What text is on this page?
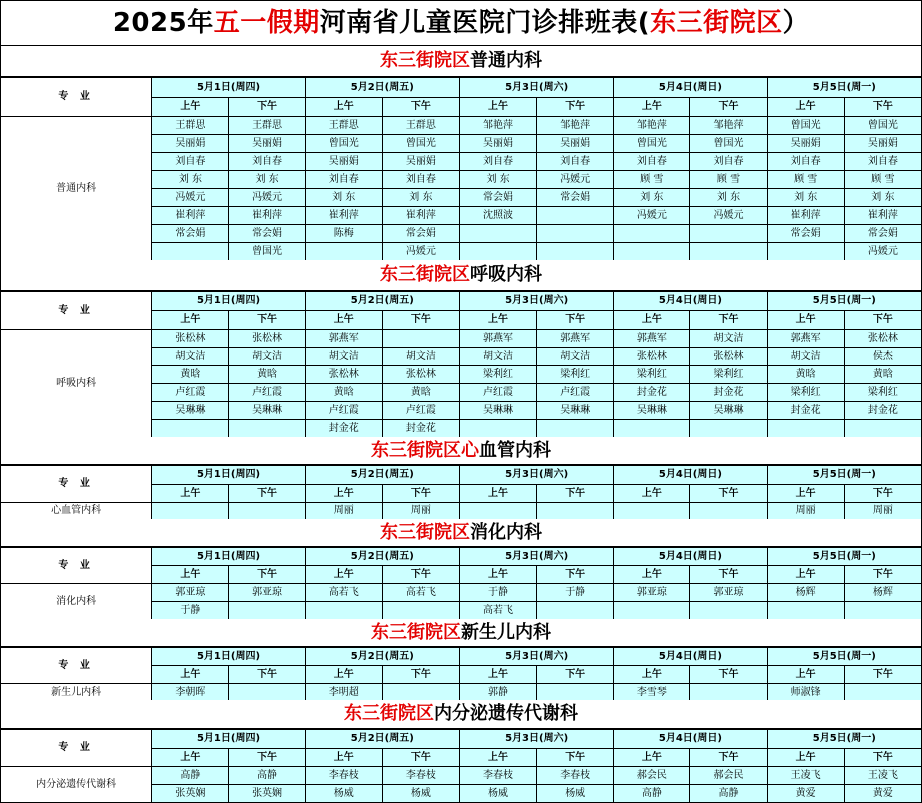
2025年五一假期河南省儿童医院门诊排班表(东三街院区）
东三街院区普通内科
专 业	5月1日(周四)		5月2日(周五)		5月3日(周六)		5月4日(周日)		5月5日(周一)	
	上午	下午	上午	下午	上午	下午	上午	下午	上午	下午
普通内科	王群思	王群思	王群思	王群思	邹艳萍	邹艳萍	邹艳萍	邹艳萍	曾国光	曾国光
	吴丽娟	吴丽娟	曾国光	曾国光	吴丽娟	吴丽娟	曾国光	曾国光	吴丽娟	吴丽娟
	刘自春	刘自春	吴丽娟	吴丽娟	刘自春	刘自春	刘自春	刘自春	刘自春	刘自春
	刘 东	刘 东	刘自春	刘自春	刘 东	冯媛元	顾 雪	顾 雪	顾 雪	顾 雪
	冯媛元	冯媛元	刘 东	刘 东	常会娟	常会娟	刘 东	刘 东	刘 东	刘 东
	崔利萍	崔利萍	崔利萍	崔利萍	沈照波		冯媛元	冯媛元	崔利萍	崔利萍
	常会娟	常会娟	陈梅	常会娟					常会娟	常会娟
		曾国光		冯媛元						冯媛元
东三街院区呼吸内科
专 业	5月1日(周四)		5月2日(周五)		5月3日(周六)		5月4日(周日)		5月5日(周一)	
	上午	下午	上午	下午	上午	下午	上午	下午	上午	下午
呼吸内科	张松林	张松林	郭燕军		郭燕军	郭燕军	郭燕军	胡文洁	郭燕军	张松林
	胡文洁	胡文洁	胡文洁	胡文洁	胡文洁	胡文洁	张松林	张松林	胡文洁	侯杰
	黄晗	黄晗	张松林	张松林	梁利红	梁利红	梁利红	梁利红	黄晗	黄晗
	卢红霞	卢红霞	黄晗	黄晗	卢红霞	卢红霞	封金花	封金花	梁利红	梁利红
	吴琳琳	吴琳琳	卢红霞	卢红霞	吴琳琳	吴琳琳	吴琳琳	吴琳琳	封金花	封金花
			封金花	封金花						
东三街院区心血管内科
专 业	5月1日(周四)		5月2日(周五)		5月3日(周六)		5月4日(周日)		5月5日(周一)	
	上午	下午	上午	下午	上午	下午	上午	下午	上午	下午
心血管内科			周丽	周丽					周丽	周丽
东三街院区消化内科
专 业	5月1日(周四)		5月2日(周五)		5月3日(周六)		5月4日(周日)		5月5日(周一)	
	上午	下午	上午	下午	上午	下午	上午	下午	上午	下午
消化内科	郭亚琼	郭亚琼	高若飞	高若飞	于静	于静	郭亚琼	郭亚琼	杨辉	杨辉
	于静				高若飞					
东三街院区新生儿内科
专 业	5月1日(周四)		5月2日(周五)		5月3日(周六)		5月4日(周日)		5月5日(周一)	
	上午	下午	上午	下午	上午	下午	上午	下午	上午	下午
新生儿内科	李朝晖		李明超		郭静		李雪琴		师淑锋	
东三街院区内分泌遗传代谢科
专 业	5月1日(周四)		5月2日(周五)		5月3日(周六)		5月4日(周日)		5月5日(周一)	
	上午	下午	上午	下午	上午	下午	上午	下午	上午	下午
内分泌遗传代谢科	高静	高静	李春枝	李春枝	李春枝	李春枝	郝会民	郝会民	王凌飞	王凌飞
	张英娴	张英娴	杨威	杨威	杨威	杨威	高静	高静	黄爱	黄爱
